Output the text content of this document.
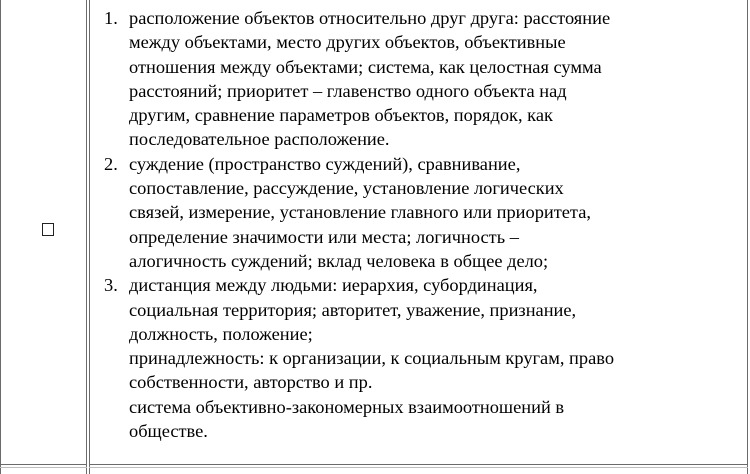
1. расположение объектов относительно друг друга: расстояние
между объектами, место других объектов, объективные
отношения между объектами; система, как целостная сумма
расстояний; приоритет – главенство одного объекта над
другим, сравнение параметров объектов, порядок, как
последовательное расположение.
2. суждение (пространство суждений), сравнивание,
сопоставление, рассуждение, установление логических
связей, измерение, установление главного или приоритета,
определение значимости или места; логичность –
алогичность суждений; вклад человека в общее дело;
3. дистанция между людьми: иерархия, субординация,
социальная территория; авторитет, уважение, признание,
должность, положение;
принадлежность: к организации, к социальным кругам, право
собственности, авторство и пр.
система объективно-закономерных взаимоотношений в
обществе.
